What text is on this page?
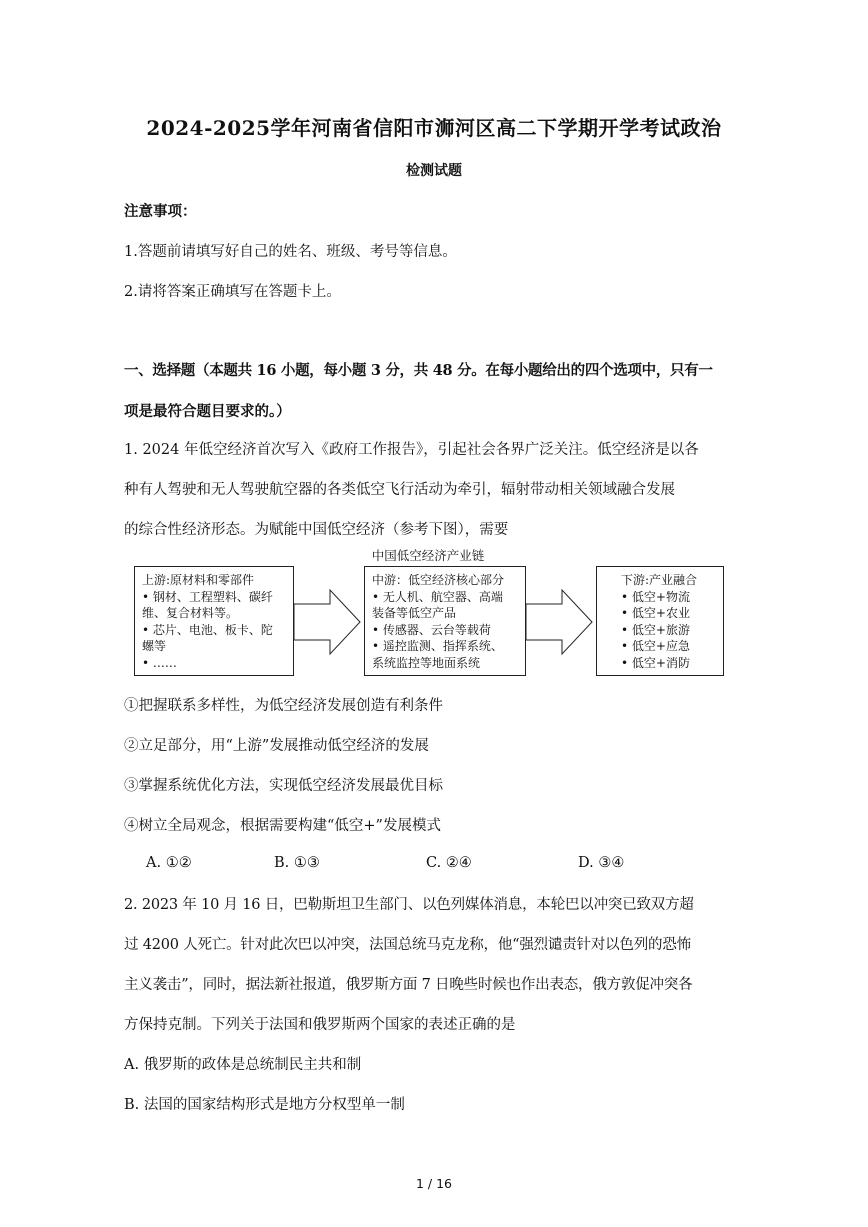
2024-2025学年河南省信阳市浉河区高二下学期开学考试政治
检测试题
注意事项：
1.答题前请填写好自己的姓名、班级、考号等信息。
2.请将答案正确填写在答题卡上。
一、选择题（本题共 16 小题，每小题 3 分，共 48 分。在每小题给出的四个选项中，只有一
项是最符合题目要求的。）
1. 2024 年低空经济首次写入《政府工作报告》，引起社会各界广泛关注。低空经济是以各
种有人驾驶和无人驾驶航空器的各类低空飞行活动为牵引，辐射带动相关领域融合发展
的综合性经济形态。为赋能中国低空经济（参考下图），需要
中国低空经济产业链
上游:原材料和零部件
• 钢材、工程塑料、碳纤
维、复合材料等。
• 芯片、电池、板卡、陀
螺等
• ……
中游：低空经济核心部分
• 无人机、航空器、高端
装备等低空产品
• 传感器、云台等载荷
• 遥控监测、指挥系统、
系统监控等地面系统
下游:产业融合
• 低空+物流
• 低空+农业
• 低空+旅游
• 低空+应急
• 低空+消防
①把握联系多样性，为低空经济发展创造有利条件
②立足部分，用“上游”发展推动低空经济的发展
③掌握系统优化方法，实现低空经济发展最优目标
④树立全局观念，根据需要构建“低空+”发展模式
A. ①②	B. ①③	C. ②④	D. ③④
2. 2023 年 10 月 16 日，巴勒斯坦卫生部门、以色列媒体消息，本轮巴以冲突已致双方超
过 4200 人死亡。针对此次巴以冲突，法国总统马克龙称，他“强烈谴责针对以色列的恐怖
主义袭击”，同时，据法新社报道，俄罗斯方面 7 日晚些时候也作出表态，俄方敦促冲突各
方保持克制。下列关于法国和俄罗斯两个国家的表述正确的是
A. 俄罗斯的政体是总统制民主共和制
B. 法国的国家结构形式是地方分权型单一制
1 / 16
